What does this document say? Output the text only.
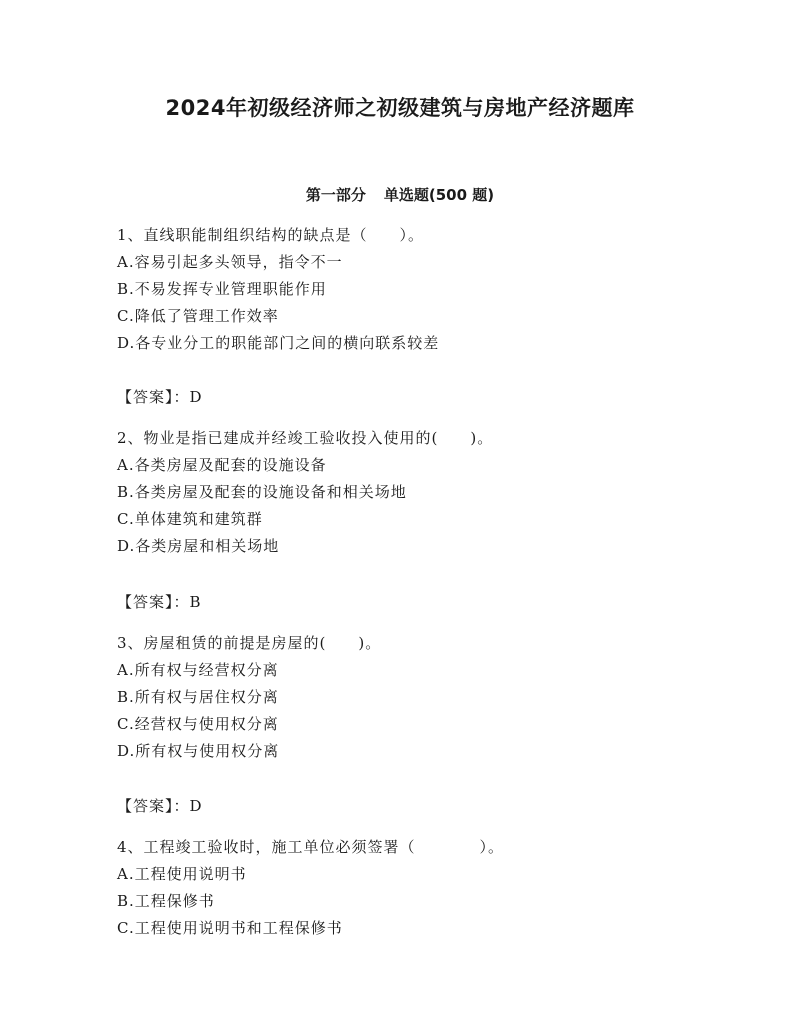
2024年初级经济师之初级建筑与房地产经济题库
第一部分 单选题(500 题)
1、直线职能制组织结构的缺点是（　　）。
A.容易引起多头领导，指令不一
B.不易发挥专业管理职能作用
C.降低了管理工作效率
D.各专业分工的职能部门之间的横向联系较差
【答案】：D
2、物业是指已建成并经竣工验收投入使用的(　　)。
A.各类房屋及配套的设施设备
B.各类房屋及配套的设施设备和相关场地
C.单体建筑和建筑群
D.各类房屋和相关场地
【答案】：B
3、房屋租赁的前提是房屋的(　　)。
A.所有权与经营权分离
B.所有权与居住权分离
C.经营权与使用权分离
D.所有权与使用权分离
【答案】：D
4、工程竣工验收时，施工单位必须签署（　　　　）。
A.工程使用说明书
B.工程保修书
C.工程使用说明书和工程保修书
